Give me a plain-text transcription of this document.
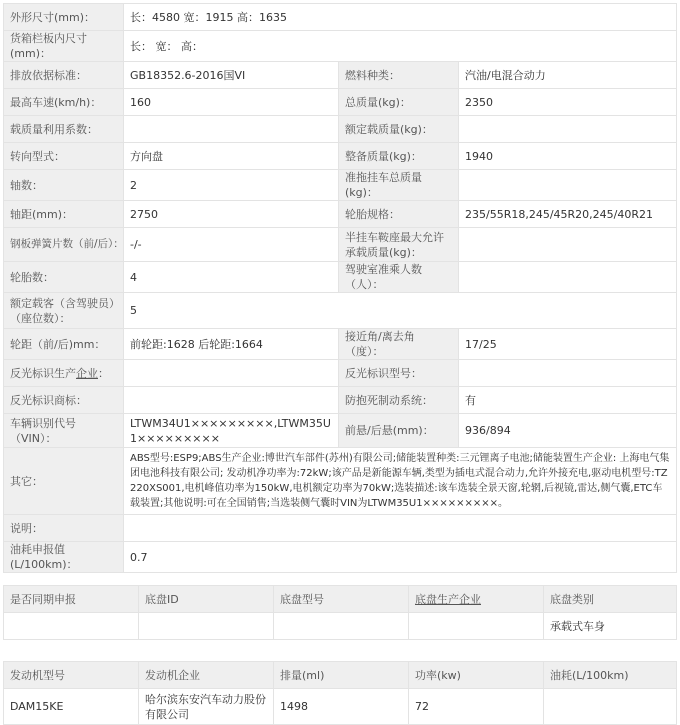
外形尺寸(mm)：	长：4580 宽：1915 高：1635		
货箱栏板内尺寸(mm)：	长： 宽： 高：		
排放依据标准：	GB18352.6-2016国VI	燃料种类：	汽油/电混合动力
最高车速(km/h)：	160	总质量(kg)：	2350
载质量利用系数：		额定载质量(kg)：	
转向型式：	方向盘	整备质量(kg)：	1940
轴数：	2	准拖挂车总质量(kg)：	
轴距(mm)：	2750	轮胎规格：	235/55R18,245/45R20,245/40R21
钢板弹簧片数（前/后）：	-/-	半挂车鞍座最大允许承载质量(kg)：	
轮胎数：	4	驾驶室准乘人数（人）：	
额定载客（含驾驶员）（座位数）：	5		
轮距（前/后)mm：	前轮距:1628 后轮距:1664	接近角/离去角（度）：	17/25
反光标识生产企业：		反光标识型号：	
反光标识商标：		防抱死制动系统：	有
车辆识别代号（VIN）：	LTWM34U1×××××××××,LTWM35U1×××××××××	前悬/后悬(mm)：	936/894
其它：	ABS型号:ESP9;ABS生产企业:博世汽车部件(苏州)有限公司;储能装置种类:三元锂离子电池;储能装置生产企业: 上海电气集团电池科技有限公司; 发动机净功率为:72kW;该产品是新能源车辆,类型为插电式混合动力,允许外接充电,驱动电机型号:TZ220XS001,电机峰值功率为150kW,电机额定功率为70kW;选装描述:该车选装全景天窗,轮辋,后视镜,雷达,侧气囊,ETC车载装置;其他说明:可在全国销售;当选装侧气囊时VIN为LTWM35U1×××××××××。		
说明：			
油耗申报值(L/100km)：	0.7		
是否同期申报	底盘ID	底盘型号	底盘生产企业	底盘类别
				承载式车身
发动机型号	发动机企业	排量(ml)	功率(kw)	油耗(L/100km)
DAM15KE	哈尔滨东安汽车动力股份有限公司	1498	72	
